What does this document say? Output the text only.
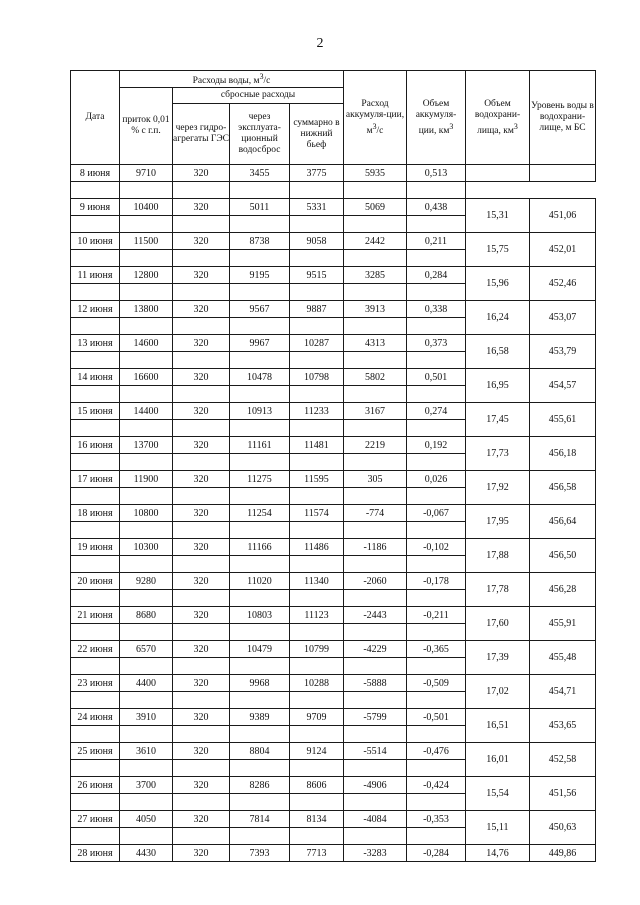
2
Дата	Расходы воды, $м^3/с$				Расход аккумуля-ции, $м^3/с$	Объем аккумуля-ции, $км^3$	Объем водохрани-лища, $км^3$	Уровень воды в водохрани-лище, м БС
	приток 0,01 % с г.п.	сбросные расходы						
		через гидро-агрегаты ГЭС	через эксплуата-ционный водосброс	суммарно в нижний бьеф				
8 июня	9710	320	3455	3775	5935	0,513		

9 июня	10400	320	5011	5331	5069	0,438	15,31	451,06

10 июня	11500	320	8738	9058	2442	0,211	15,75	452,01

11 июня	12800	320	9195	9515	3285	0,284	15,96	452,46

12 июня	13800	320	9567	9887	3913	0,338	16,24	453,07

13 июня	14600	320	9967	10287	4313	0,373	16,58	453,79

14 июня	16600	320	10478	10798	5802	0,501	16,95	454,57

15 июня	14400	320	10913	11233	3167	0,274	17,45	455,61

16 июня	13700	320	11161	11481	2219	0,192	17,73	456,18

17 июня	11900	320	11275	11595	305	0,026	17,92	456,58

18 июня	10800	320	11254	11574	-774	-0,067	17,95	456,64

19 июня	10300	320	11166	11486	-1186	-0,102	17,88	456,50

20 июня	9280	320	11020	11340	-2060	-0,178	17,78	456,28

21 июня	8680	320	10803	11123	-2443	-0,211	17,60	455,91

22 июня	6570	320	10479	10799	-4229	-0,365	17,39	455,48

23 июня	4400	320	9968	10288	-5888	-0,509	17,02	454,71

24 июня	3910	320	9389	9709	-5799	-0,501	16,51	453,65

25 июня	3610	320	8804	9124	-5514	-0,476	16,01	452,58

26 июня	3700	320	8286	8606	-4906	-0,424	15,54	451,56

27 июня	4050	320	7814	8134	-4084	-0,353	15,11	450,63

28 июня	4430	320	7393	7713	-3283	-0,284	14,76	449,86
